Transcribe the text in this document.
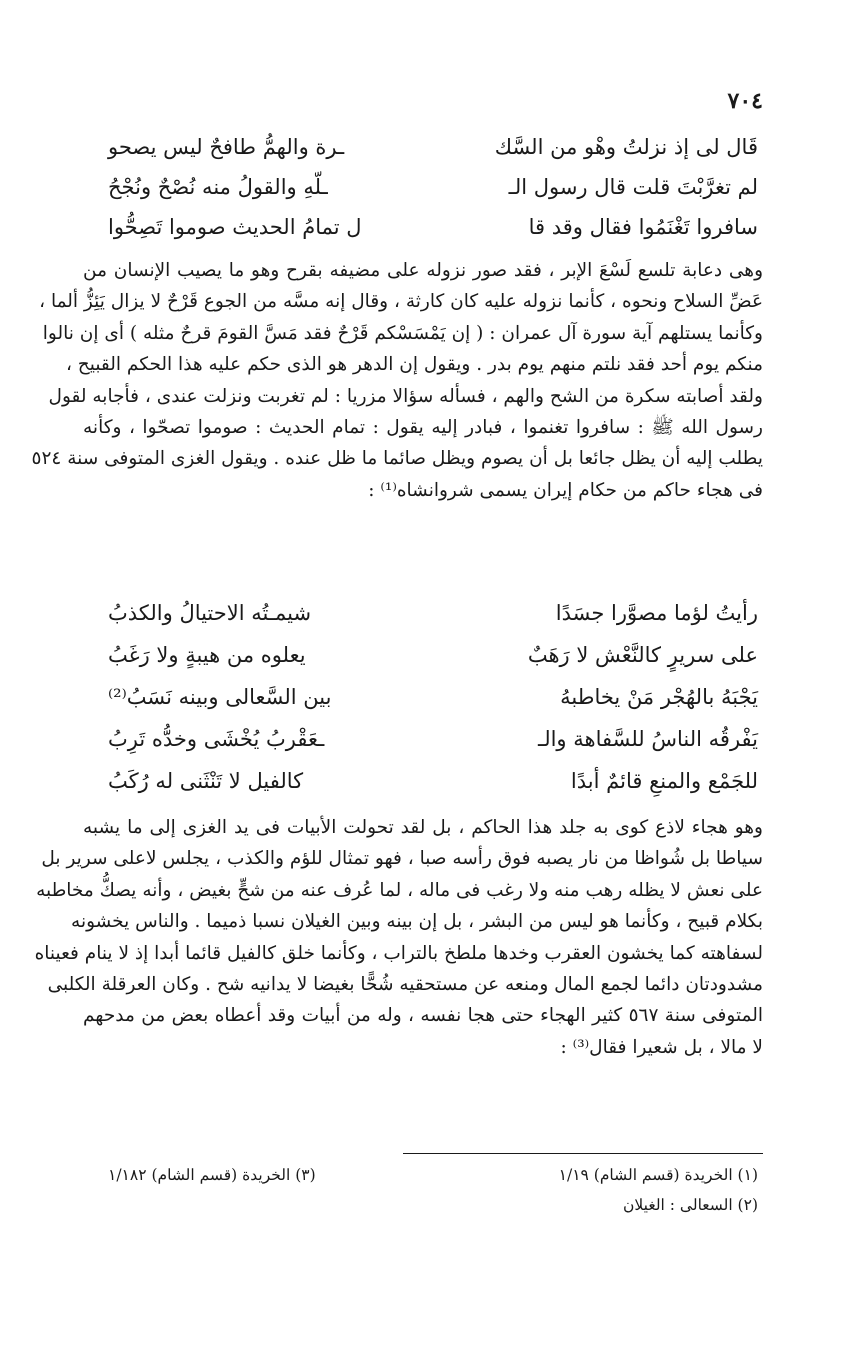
٧٠٤
قَال لى إذ نزلتُ وهْو من السَّك
ـرة والهمُّ طافحٌ ليس يصحو
لم تغرَّبْتَ قلت قال رسول الـ
ـلّهِ والقولُ منه نُصْحٌ ونُجْحُ
سافروا تَغْنَمُوا فقال وقد قا
ل تمامُ الحديث صوموا تَصِحُّوا
وهى دعابة تلسع لَسْعَ الإبر ، فقد صور نزوله على مضيفه بقرح وهو ما يصيب الإنسان من
عَضِّ السلاح ونحوه ، كأنما نزوله عليه كان كارثة ، وقال إنه مسَّه من الجوع قَرْحٌ لا يزال يَئِزُّ ألما ،
وكأنما يستلهم آية سورة آل عمران : ( إن يَمْسَسْكم قَرْحٌ فقد مَسَّ القومَ قرحٌ مثله ) أى إن نالوا
منكم يوم أحد فقد نلتم منهم يوم بدر . ويقول إن الدهر هو الذى حكم عليه هذا الحكم القبيح ،
ولقد أصابته سكرة من الشح والهم ، فسأله سؤالا مزريا : لم تغربت ونزلت عندى ، فأجابه لقول
رسول الله ﷺ : سافروا تغنموا ، فبادر إليه يقول : تمام الحديث : صوموا تصحّوا ، وكأنه
يطلب إليه أن يظل جائعا بل أن يصوم ويظل صائما ما ظل عنده . ويقول الغزى المتوفى سنة ٥٢٤
فى هجاء حاكم من حكام إيران يسمى شروانشاه⁽¹⁾ :
رأيتُ لؤما مصوَّرا جسَدًا
شيمـتُه الاحتيالُ والكذبُ
على سريرٍ كالنَّعْش لا رَهَبٌ
يعلوه من هيبةٍ ولا رَغَبُ
يَجْبَهُ بالهُجْر مَنْ يخاطبهُ
بين السَّعالى وبينه نَسَبُ⁽²⁾
يَفْرقُه الناسُ للسَّفاهة والـ
ـعَقْربُ يُخْشَى وخدُّه تَرِبُ
للجَمْع والمنعِ قائمٌ أبدًا
كالفيل لا تَنْثَنى له رُكَبُ
وهو هجاء لاذع كوى به جلد هذا الحاكم ، بل لقد تحولت الأبيات فى يد الغزى إلى ما يشبه
سياطا بل شُواظا من نار يصبه فوق رأسه صبا ، فهو تمثال للؤم والكذب ، يجلس لاعلى سرير بل
على نعش لا يظله رهب منه ولا رغب فى ماله ، لما عُرف عنه من شحٍّ بغيض ، وأنه يصكُّ مخاطبه
بكلام قبيح ، وكأنما هو ليس من البشر ، بل إن بينه وبين الغيلان نسبا ذميما . والناس يخشونه
لسفاهته كما يخشون العقرب وخدها ملطخ بالتراب ، وكأنما خلق كالفيل قائما أبدا إذ لا ينام فعيناه
مشدودتان دائما لجمع المال ومنعه عن مستحقيه شُحًّا بغيضا لا يدانيه شح . وكان العرقلة الكلبى
المتوفى سنة ٥٦٧ كثير الهجاء حتى هجا نفسه ، وله من أبيات وقد أعطاه بعض من مدحهم
لا مالا ، بل شعيرا فقال⁽³⁾ :
(١) الخريدة (قسم الشام) ١/١٩
(٣) الخريدة (قسم الشام) ١/١٨٢
(٢) السعالى : الغيلان
